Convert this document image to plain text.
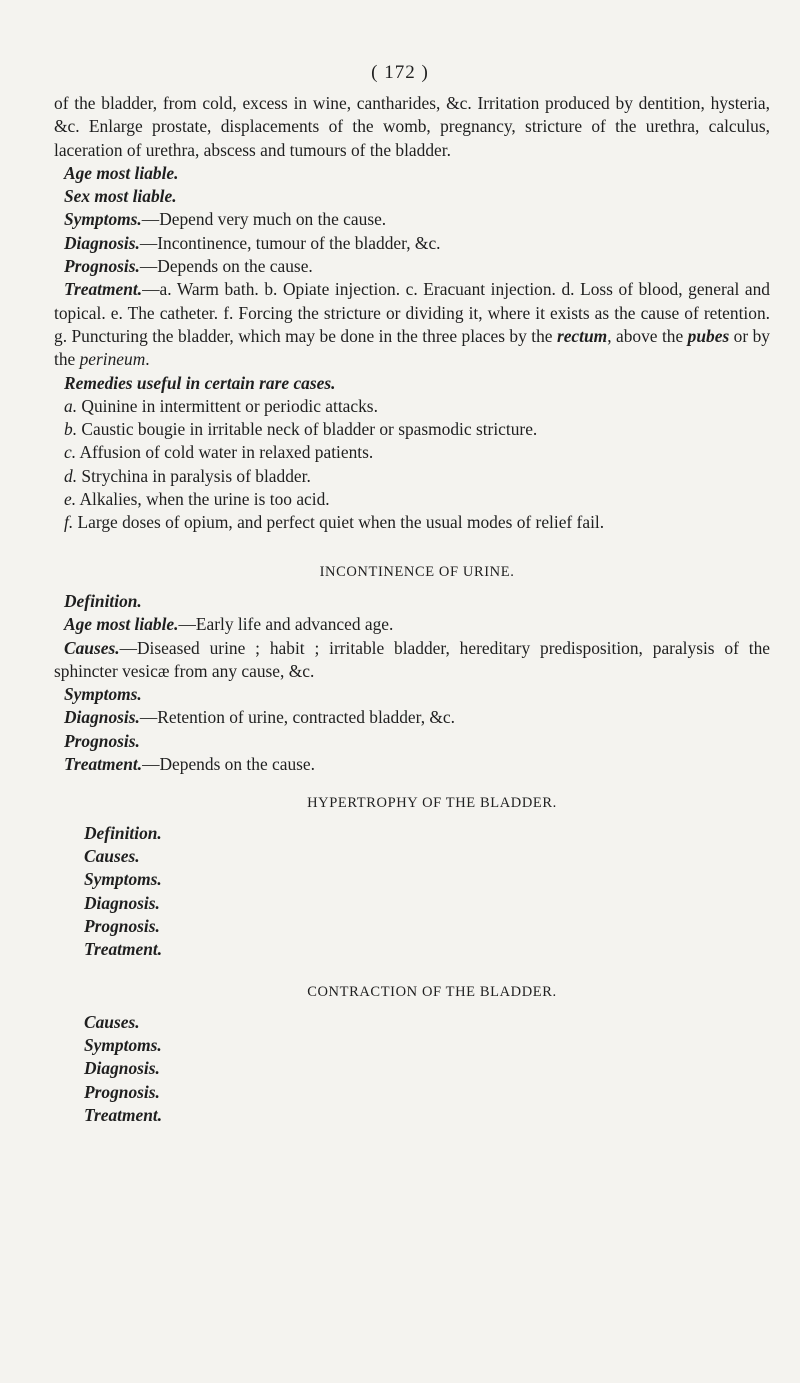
( 172 )

of the bladder, from cold, excess in wine, cantharides, &c. Irritation produced by dentition, hysteria, &c. Enlarge prostate, displacements of the womb, pregnancy, stricture of the urethra, calculus, laceration of urethra, abscess and tumours of the bladder.

Age most liable.

Sex most liable.

Symptoms.—Depend very much on the cause.

Diagnosis.—Incontinence, tumour of the bladder, &c.

Prognosis.—Depends on the cause.

Treatment.—a. Warm bath. b. Opiate injection. c. Eracuant injection. d. Loss of blood, general and topical. e. The catheter. f. Forcing the stricture or dividing it, where it exists as the cause of retention. g. Puncturing the bladder, which may be done in the three places by the rectum, above the pubes or by the perineum.

Remedies useful in certain rare cases.

a. Quinine in intermittent or periodic attacks.

b. Caustic bougie in irritable neck of bladder or spasmodic stricture.

c. Affusion of cold water in relaxed patients.

d. Strychina in paralysis of bladder.

e. Alkalies, when the urine is too acid.

f. Large doses of opium, and perfect quiet when the usual modes of relief fail.

INCONTINENCE OF URINE.

Definition.

Age most liable.—Early life and advanced age.

Causes.—Diseased urine ; habit ; irritable bladder, hereditary predisposition, paralysis of the sphincter vesicæ from any cause, &c.

Symptoms.

Diagnosis.—Retention of urine, contracted bladder, &c.

Prognosis.

Treatment.—Depends on the cause.

HYPERTROPHY OF THE BLADDER.

Definition.

Causes.

Symptoms.

Diagnosis.

Prognosis.

Treatment.

CONTRACTION OF THE BLADDER.

Causes.

Symptoms.

Diagnosis.

Prognosis.

Treatment.
